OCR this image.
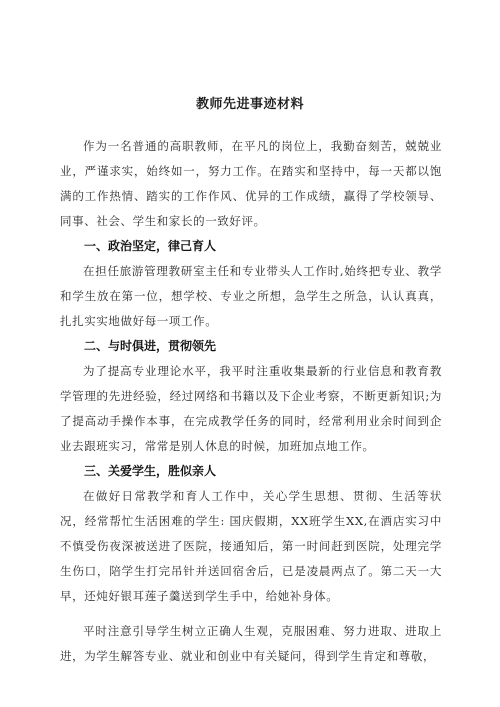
教师先进事迹材料

作为一名普通的高职教师，在平凡的岗位上，我勤奋刻苦，兢兢业业，严谨求实，始终如一，努力工作。在踏实和坚持中，每一天都以饱满的工作热情、踏实的工作作风、优异的工作成绩，赢得了学校领导、同事、社会、学生和家长的一致好评。

一、政治坚定，律己育人

在担任旅游管理教研室主任和专业带头人工作时,始终把专业、教学和学生放在第一位，想学校、专业之所想，急学生之所急，认认真真，扎扎实实地做好每一项工作。

二、与时俱进，贯彻领先

为了提高专业理论水平，我平时注重收集最新的行业信息和教育教学管理的先进经验，经过网络和书籍以及下企业考察，不断更新知识;为了提高动手操作本事，在完成教学任务的同时，经常利用业余时间到企业去跟班实习，常常是别人休息的时候，加班加点地工作。

三、关爱学生，胜似亲人

在做好日常教学和育人工作中，关心学生思想、贯彻、生活等状况，经常帮忙生活困难的学生: 国庆假期，XX班学生XX,在酒店实习中不慎受伤夜深被送进了医院，接通知后，第一时间赶到医院，处理完学生伤口，陪学生打完吊针并送回宿舍后，已是凌晨两点了。第二天一大早，还炖好银耳莲子羹送到学生手中，给她补身体。

平时注意引导学生树立正确人生观，克服困难、努力进取、进取上进，为学生解答专业、就业和创业中有关疑问，得到学生肯定和尊敬，
